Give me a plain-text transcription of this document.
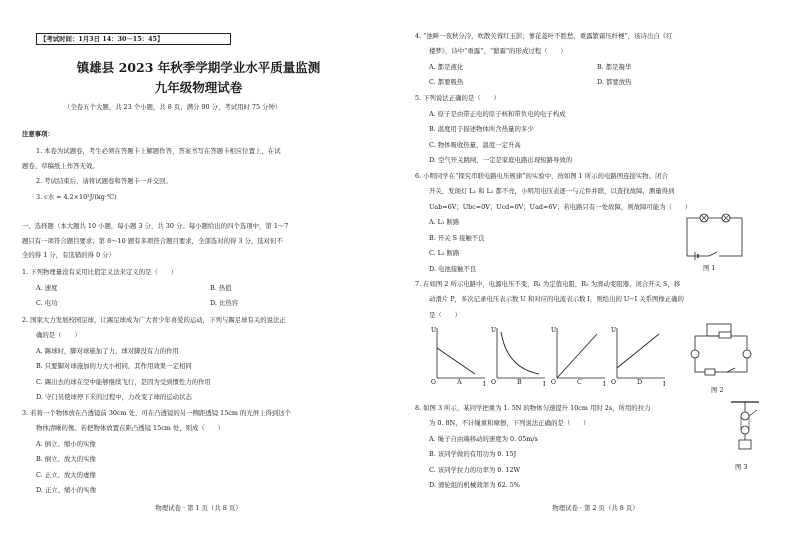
【考试时间：1月3日 14：30－15：45】
镇雄县 2023 年秋季学期学业水平质量监测
九年级物理试卷
（全卷五个大题，共 23 个小题，共 8 页；满分 90 分，考试用时 75 分钟）
注意事项：
1. 本卷为试题卷，考生必须在答题卡上解题作答，答案书写在答题卡相应位置上，在试
题卷、草稿纸上作答无效。
2. 考试结束后，请将试题卷和答题卡一并交回。
3. c水 = 4.2×10³J/(kg·℃)
一、选择题（本大题共 10 小题，每小题 3 分，共 30 分。每小题给出的四个选项中，第 1～7
题只有一项符合题目要求；第 8～10 题有多项符合题目要求，全部选对的得 3 分，选对但不
全的得 1 分，有选错的得 0 分）
1. 下列物理量没有采用比值定义法来定义的是（　　）
A. 速度	B. 热值
C. 电功	D. 比热容
2. 国家大力发展校园足球，让踢足球成为广大青少年喜爱的运动，下列与踢足球有关的说法正
确的是（　　）
A. 踢球时，脚对球施加了力，球对脚没有力的作用
B. 只要脚对球施加的力大小相同，其作用效果一定相同
C. 踢出去的球在空中能够继续飞行，是因为受到惯性力的作用
D. 守门员使球停下来的过程中，力改变了球的运动状态
3. 若将一个物体放在凸透镜前 30cm 处，可在凸透镜的另一侧距透镜 15cm 的光屏上得到这个
物体清晰的像。若把物体放置在距凸透镜 15cm 处，则成（　　）
A. 倒立、缩小的实像
B. 倒立、放大的实像
C. 正立、放大的虚像
D. 正立、缩小的实像
物理试卷 · 第 1 页（共 8 页）
4. “池畔一夜秋分冷，吹散芙蓉红玉影；蓼花菱叶不胜愁，重露繁霜压纤梗”，该诗出自《红
楼梦》，诗中“重露”、“繁霜”的形成过程（　　）
A. 都是液化	B. 都是凝华
C. 都要吸热	D. 都要放热
5. 下列说法正确的是（　　）
A. 原子是由带正电的原子核和带负电的电子构成
B. 温度用于描述物体所含热量的多少
C. 物体吸收热量，温度一定升高
D. 空气开关跳闸，一定是家庭电路出现短路导致的
6. 小明同学在“探究串联电路电压规律”的实验中，按如图 1 所示的电路图连接实物。闭合
开关，发现灯 L₁ 和 L₂ 都不亮，小明用电压表逐一与元件并联，以查找故障，测量得到
Uab=6V；Ubc=0V；Ucd=0V；Uad=6V；若电路只有一处故障，则故障可能为（　　）
A. L₁ 断路
B. 开关 S 接触不良
C. L₂ 断路
D. 电池接触不良	图 1
7. 在如图 2 所示电路中，电源电压不变，R₁ 为定值电阻，R₂ 为滑动变阻器。闭合开关 S，移
动滑片 P，多次记录电压表示数 U 和对应的电流表示数 I，则绘出的 U−I 关系图像正确的
是（　　）
U
I
O
U
I
O
U
I
O
U
I
O
A	B	C	D
图 2
8. 如图 3 所示，某同学把重为 1. 5N 的物体匀速提升 10cm 用时 2s，所用的拉力
为 0. 8N，不计绳重和摩擦，下列说法正确的是（　　）
A. 绳子自由端移动的速度为 0. 05m/s
B. 该同学做的有用功为 0. 15J
C. 该同学拉力的功率为 0. 12W
D. 滑轮组的机械效率为 62. 5%
图 3
物理试卷 · 第 2 页（共 8 页）
